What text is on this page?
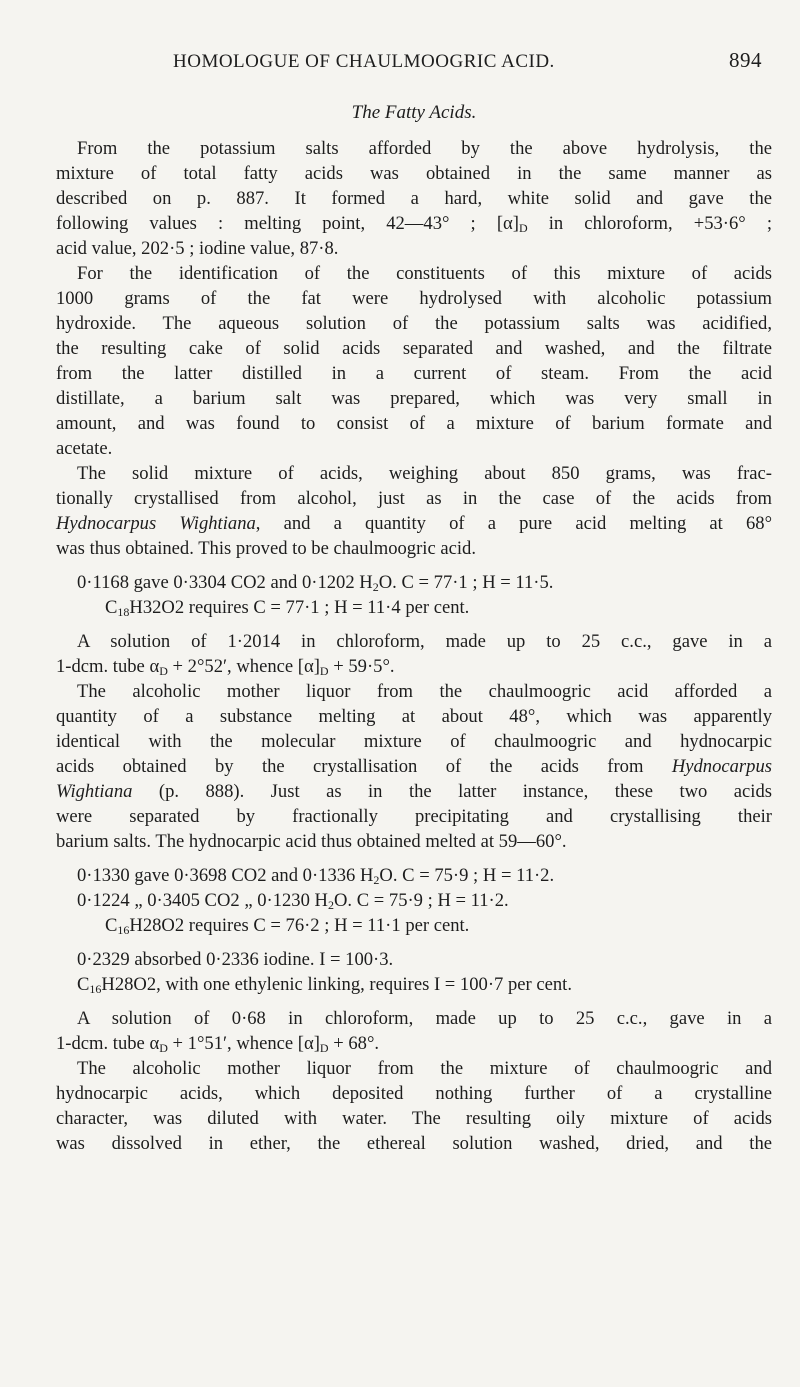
HOMOLOGUE OF CHAULMOOGRIC ACID.	894
The Fatty Acids.
From the potassium salts afforded by the above hydrolysis, the
mixture of total fatty acids was obtained in the same manner as
described on p. 887. It formed a hard, white solid and gave the
following values : melting point, 42—43° ; $[\alpha]_D$ in chloroform, +53·6° ;
acid value, 202·5 ; iodine value, 87·8.
For the identification of the constituents of this mixture of acids
1000 grams of the fat were hydrolysed with alcoholic potassium
hydroxide. The aqueous solution of the potassium salts was acidified,
the resulting cake of solid acids separated and washed, and the filtrate
from the latter distilled in a current of steam. From the acid
distillate, a barium salt was prepared, which was very small in
amount, and was found to consist of a mixture of barium formate and
acetate.
The solid mixture of acids, weighing about 850 grams, was frac-
tionally crystallised from alcohol, just as in the case of the acids from
Hydnocarpus Wightiana, and a quantity of a pure acid melting at 68°
was thus obtained. This proved to be chaulmoogric acid.
0·1168 gave 0·3304 CO2 and 0·1202 $H_2O$. C = 77·1 ; H = 11·5.
$C_{18}H32O2$ requires C = 77·1 ; H = 11·4 per cent.
A solution of 1·2014 in chloroform, made up to 25 c.c., gave in a
1-dcm. tube $\alpha_D + 2^\circ 52'$, whence $[\alpha]_D + 59\cdot 5^\circ$.
The alcoholic mother liquor from the chaulmoogric acid afforded a
quantity of a substance melting at about 48°, which was apparently
identical with the molecular mixture of chaulmoogric and hydnocarpic
acids obtained by the crystallisation of the acids from Hydnocarpus
Wightiana (p. 888). Just as in the latter instance, these two acids
were separated by fractionally precipitating and crystallising their
barium salts. The hydnocarpic acid thus obtained melted at 59—60°.
0·1330 gave 0·3698 CO2 and 0·1336 $H_2O$. C = 75·9 ; H = 11·2.
0·1224 „ 0·3405 CO2 „ 0·1230 $H_2O$. C = 75·9 ; H = 11·2.
$C_{16}H28O2$ requires C = 76·2 ; H = 11·1 per cent.
0·2329 absorbed 0·2336 iodine. I = 100·3.
$C_{16}H28O2$, with one ethylenic linking, requires I = 100·7 per cent.
A solution of 0·68 in chloroform, made up to 25 c.c., gave in a
1-dcm. tube $\alpha_D + 1^\circ 51'$, whence $[\alpha]_D + 68^\circ$.
The alcoholic mother liquor from the mixture of chaulmoogric and
hydnocarpic acids, which deposited nothing further of a crystalline
character, was diluted with water. The resulting oily mixture of acids
was dissolved in ether, the ethereal solution washed, dried, and the
